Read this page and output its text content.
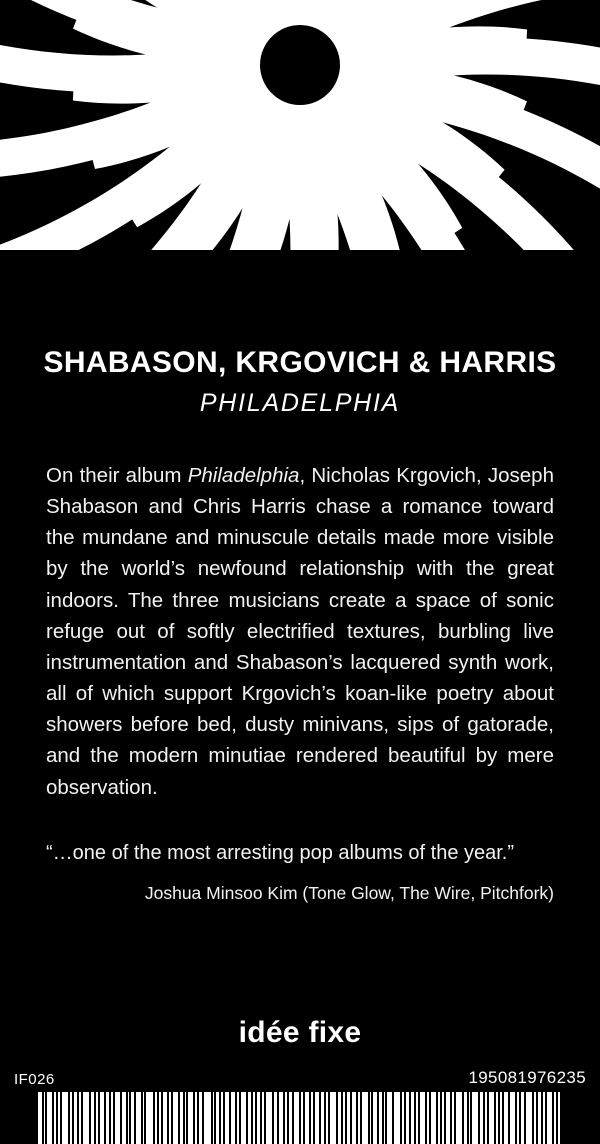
SHABASON, KRGOVICH & HARRIS
PHILADELPHIA

On their album Philadelphia, Nicholas Krgovich, Joseph Shabason and Chris Harris chase a romance toward the mundane and minuscule details made more visible by the world’s newfound relationship with the great indoors. The three musicians create a space of sonic refuge out of softly electrified textures, burbling live instrumentation and Shabason’s lacquered synth work, all of which support Krgovich’s koan-like poetry about showers before bed, dusty minivans, sips of gatorade, and the modern minutiae rendered beautiful by mere observation.

“…one of the most arresting pop albums of the year.”

Joshua Minsoo Kim (Tone Glow, The Wire, Pitchfork)

idée fixe
IF026	195081976235
